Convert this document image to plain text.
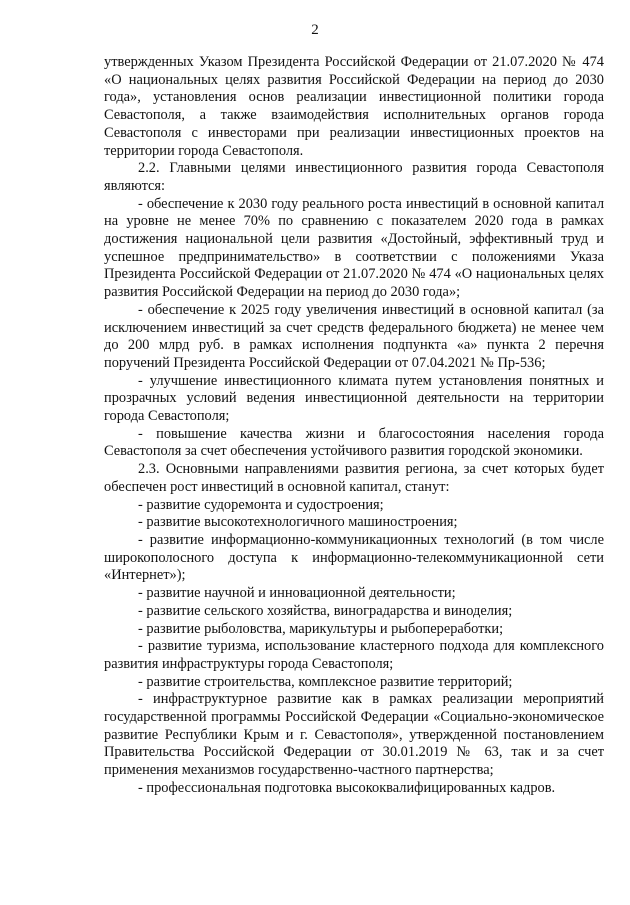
2

утвержденных Указом Президента Российской Федерации от 21.07.2020 № 474 «О национальных целях развития Российской Федерации на период до 2030 года», установления основ реализации инвестиционной политики города Севастополя, а также взаимодействия исполнительных органов города Севастополя с инвесторами при реализации инвестиционных проектов на территории города Севастополя.

2.2. Главными целями инвестиционного развития города Севастополя являются:

- обеспечение к 2030 году реального роста инвестиций в основной капитал на уровне не менее 70% по сравнению с показателем 2020 года в рамках достижения национальной цели развития «Достойный, эффективный труд и успешное предпринимательство» в соответствии с положениями Указа Президента Российской Федерации от 21.07.2020 № 474 «О национальных целях развития Российской Федерации на период до 2030 года»;

- обеспечение к 2025 году увеличения инвестиций в основной капитал (за исключением инвестиций за счет средств федерального бюджета) не менее чем до 200 млрд руб. в рамках исполнения подпункта «а» пункта 2 перечня поручений Президента Российской Федерации от 07.04.2021 № Пр-536;

- улучшение инвестиционного климата путем установления понятных и прозрачных условий ведения инвестиционной деятельности на территории города Севастополя;

- повышение качества жизни и благосостояния населения города Севастополя за счет обеспечения устойчивого развития городской экономики.

2.3. Основными направлениями развития региона, за счет которых будет обеспечен рост инвестиций в основной капитал, станут:

- развитие судоремонта и судостроения;

- развитие высокотехнологичного машиностроения;

- развитие информационно-коммуникационных технологий (в том числе широкополосного доступа к информационно-телекоммуникационной сети «Интернет»);

- развитие научной и инновационной деятельности;

- развитие сельского хозяйства, виноградарства и виноделия;

- развитие рыболовства, марикультуры и рыбопереработки;

- развитие туризма, использование кластерного подхода для комплексного развития инфраструктуры города Севастополя;

- развитие строительства, комплексное развитие территорий;

- инфраструктурное развитие как в рамках реализации мероприятий государственной программы Российской Федерации «Социально-экономическое развитие Республики Крым и г. Севастополя», утвержденной постановлением Правительства Российской Федерации от 30.01.2019 № 63, так и за счет применения механизмов государственно-частного партнерства;

- профессиональная подготовка высококвалифицированных кадров.
